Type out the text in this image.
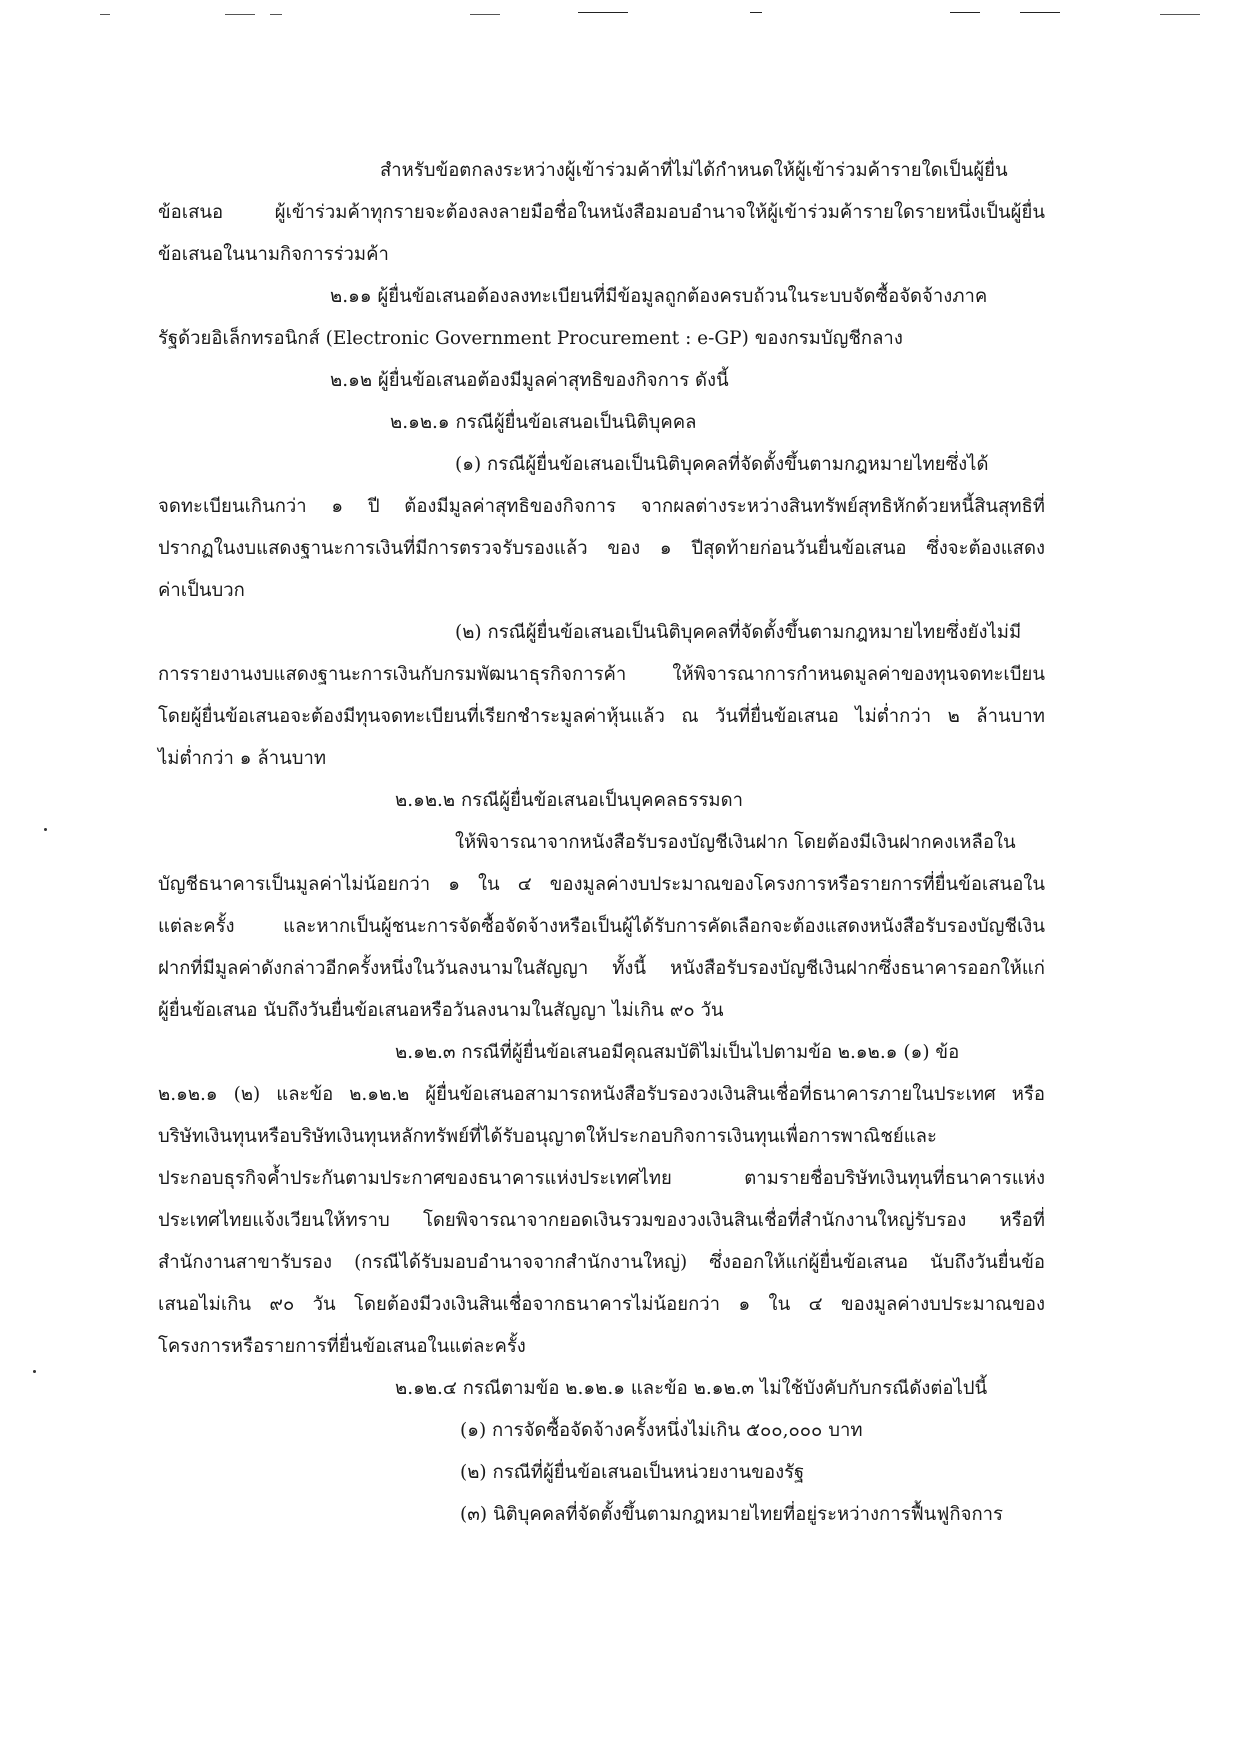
สำหรับข้อตกลงระหว่างผู้เข้าร่วมค้าที่ไม่ได้กำหนดให้ผู้เข้าร่วมค้ารายใดเป็นผู้ยื่น
ข้อเสนอ ผู้เข้าร่วมค้าทุกรายจะต้องลงลายมือชื่อในหนังสือมอบอำนาจให้ผู้เข้าร่วมค้ารายใดรายหนึ่งเป็นผู้ยื่น
ข้อเสนอในนามกิจการร่วมค้า
๒.๑๑ ผู้ยื่นข้อเสนอต้องลงทะเบียนที่มีข้อมูลถูกต้องครบถ้วนในระบบจัดซื้อจัดจ้างภาค
รัฐด้วยอิเล็กทรอนิกส์ (Electronic Government Procurement : e-GP) ของกรมบัญชีกลาง
๒.๑๒ ผู้ยื่นข้อเสนอต้องมีมูลค่าสุทธิของกิจการ ดังนี้
๒.๑๒.๑ กรณีผู้ยื่นข้อเสนอเป็นนิติบุคคล
(๑) กรณีผู้ยื่นข้อเสนอเป็นนิติบุคคลที่จัดตั้งขึ้นตามกฎหมายไทยซึ่งได้
จดทะเบียนเกินกว่า ๑ ปี ต้องมีมูลค่าสุทธิของกิจการ จากผลต่างระหว่างสินทรัพย์สุทธิหักด้วยหนี้สินสุทธิที่
ปรากฏในงบแสดงฐานะการเงินที่มีการตรวจรับรองแล้ว ของ ๑ ปีสุดท้ายก่อนวันยื่นข้อเสนอ ซึ่งจะต้องแสดง
ค่าเป็นบวก
(๒) กรณีผู้ยื่นข้อเสนอเป็นนิติบุคคลที่จัดตั้งขึ้นตามกฎหมายไทยซึ่งยังไม่มี
การรายงานงบแสดงฐานะการเงินกับกรมพัฒนาธุรกิจการค้า ให้พิจารณาการกำหนดมูลค่าของทุนจดทะเบียน
โดยผู้ยื่นข้อเสนอจะต้องมีทุนจดทะเบียนที่เรียกชำระมูลค่าหุ้นแล้ว ณ วันที่ยื่นข้อเสนอ ไม่ต่ำกว่า ๒ ล้านบาท
ไม่ต่ำกว่า ๑ ล้านบาท
๒.๑๒.๒ กรณีผู้ยื่นข้อเสนอเป็นบุคคลธรรมดา
ให้พิจารณาจากหนังสือรับรองบัญชีเงินฝาก โดยต้องมีเงินฝากคงเหลือใน
บัญชีธนาคารเป็นมูลค่าไม่น้อยกว่า ๑ ใน ๔ ของมูลค่างบประมาณของโครงการหรือรายการที่ยื่นข้อเสนอใน
แต่ละครั้ง และหากเป็นผู้ชนะการจัดซื้อจัดจ้างหรือเป็นผู้ได้รับการคัดเลือกจะต้องแสดงหนังสือรับรองบัญชีเงิน
ฝากที่มีมูลค่าดังกล่าวอีกครั้งหนึ่งในวันลงนามในสัญญา ทั้งนี้ หนังสือรับรองบัญชีเงินฝากซึ่งธนาคารออกให้แก่
ผู้ยื่นข้อเสนอ นับถึงวันยื่นข้อเสนอหรือวันลงนามในสัญญา ไม่เกิน ๙๐ วัน
๒.๑๒.๓ กรณีที่ผู้ยื่นข้อเสนอมีคุณสมบัติไม่เป็นไปตามข้อ ๒.๑๒.๑ (๑) ข้อ
๒.๑๒.๑ (๒) และข้อ ๒.๑๒.๒ ผู้ยื่นข้อเสนอสามารถหนังสือรับรองวงเงินสินเชื่อที่ธนาคารภายในประเทศ หรือ
บริษัทเงินทุนหรือบริษัทเงินทุนหลักทรัพย์ที่ได้รับอนุญาตให้ประกอบกิจการเงินทุนเพื่อการพาณิชย์และ
ประกอบธุรกิจค้ำประกันตามประกาศของธนาคารแห่งประเทศไทย ตามรายชื่อบริษัทเงินทุนที่ธนาคารแห่ง
ประเทศไทยแจ้งเวียนให้ทราบ โดยพิจารณาจากยอดเงินรวมของวงเงินสินเชื่อที่สำนักงานใหญ่รับรอง หรือที่
สำนักงานสาขารับรอง (กรณีได้รับมอบอำนาจจากสำนักงานใหญ่) ซึ่งออกให้แก่ผู้ยื่นข้อเสนอ นับถึงวันยื่นข้อ
เสนอไม่เกิน ๙๐ วัน โดยต้องมีวงเงินสินเชื่อจากธนาคารไม่น้อยกว่า ๑ ใน ๔ ของมูลค่างบประมาณของ
โครงการหรือรายการที่ยื่นข้อเสนอในแต่ละครั้ง
๒.๑๒.๔ กรณีตามข้อ ๒.๑๒.๑ และข้อ ๒.๑๒.๓ ไม่ใช้บังคับกับกรณีดังต่อไปนี้
(๑) การจัดซื้อจัดจ้างครั้งหนึ่งไม่เกิน ๕๐๐,๐๐๐ บาท
(๒) กรณีที่ผู้ยื่นข้อเสนอเป็นหน่วยงานของรัฐ
(๓) นิติบุคคลที่จัดตั้งขึ้นตามกฎหมายไทยที่อยู่ระหว่างการฟื้นฟูกิจการ
